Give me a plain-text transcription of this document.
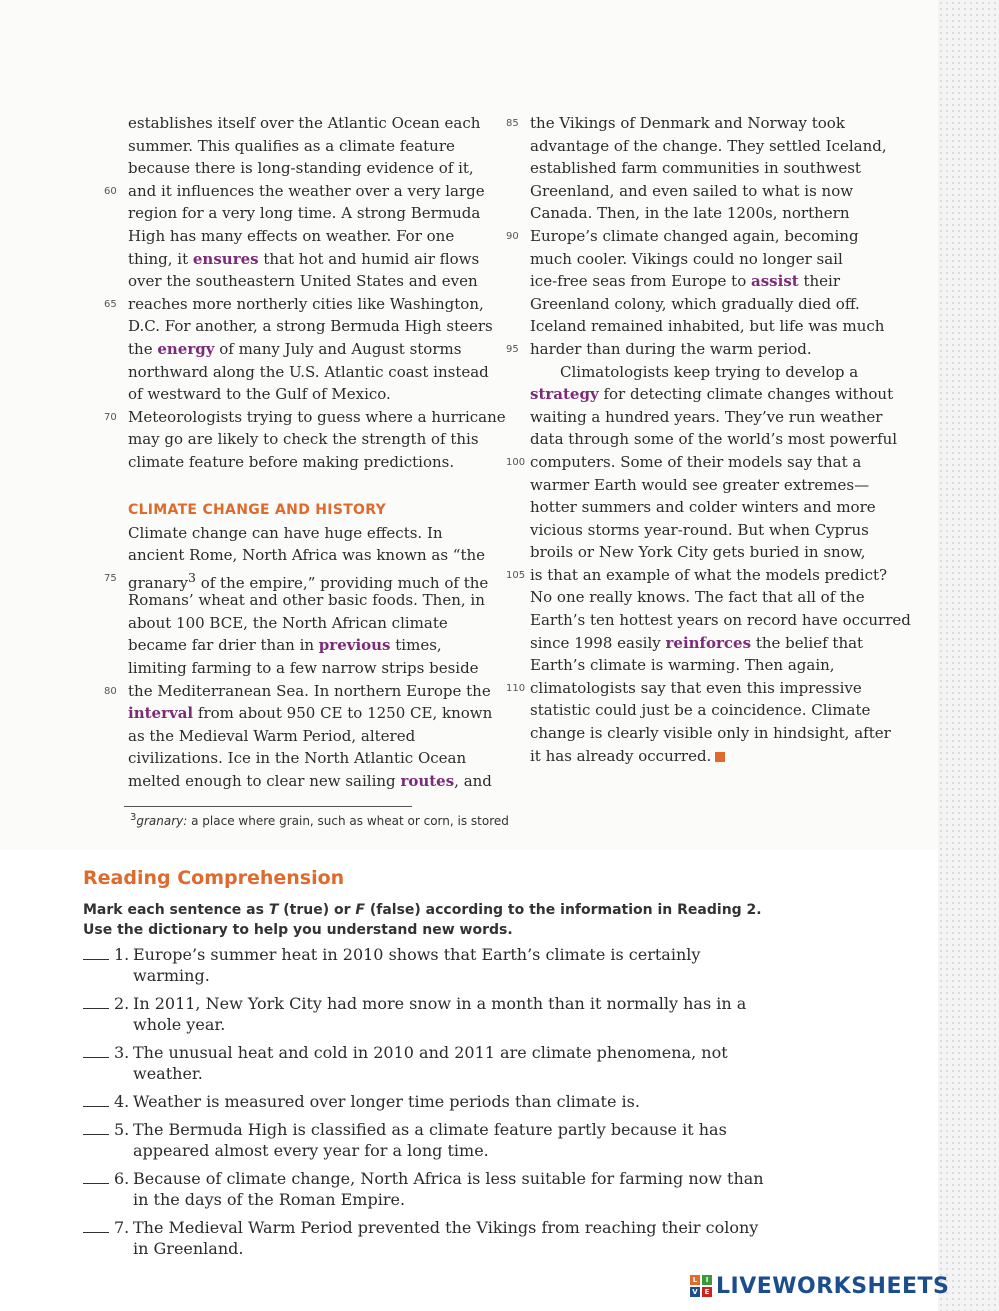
establishes itself over the Atlantic Ocean each
summer. This qualifies as a climate feature
because there is long-standing evidence of it,
60 and it influences the weather over a very large
region for a very long time. A strong Bermuda
High has many effects on weather. For one
thing, it ensures that hot and humid air flows
over the southeastern United States and even
65 reaches more northerly cities like Washington,
D.C. For another, a strong Bermuda High steers
the energy of many July and August storms
northward along the U.S. Atlantic coast instead
of westward to the Gulf of Mexico.
70 Meteorologists trying to guess where a hurricane
may go are likely to check the strength of this
climate feature before making predictions.
CLIMATE CHANGE AND HISTORY
Climate change can have huge effects. In
ancient Rome, North Africa was known as “the
75 granary$^3$ of the empire,” providing much of the
Romans’ wheat and other basic foods. Then, in
about 100 BCE, the North African climate
became far drier than in previous times,
limiting farming to a few narrow strips beside
80 the Mediterranean Sea. In northern Europe the
interval from about 950 CE to 1250 CE, known
as the Medieval Warm Period, altered
civilizations. Ice in the North Atlantic Ocean
melted enough to clear new sailing routes, and
85 the Vikings of Denmark and Norway took
advantage of the change. They settled Iceland,
established farm communities in southwest
Greenland, and even sailed to what is now
Canada. Then, in the late 1200s, northern
90 Europe’s climate changed again, becoming
much cooler. Vikings could no longer sail
ice-free seas from Europe to assist their
Greenland colony, which gradually died off.
Iceland remained inhabited, but life was much
95 harder than during the warm period.
Climatologists keep trying to develop a
strategy for detecting climate changes without
waiting a hundred years. They’ve run weather
data through some of the world’s most powerful
100 computers. Some of their models say that a
warmer Earth would see greater extremes—
hotter summers and colder winters and more
vicious storms year-round. But when Cyprus
broils or New York City gets buried in snow,
105 is that an example of what the models predict?
No one really knows. The fact that all of the
Earth’s ten hottest years on record have occurred
since 1998 easily reinforces the belief that
Earth’s climate is warming. Then again,
110 climatologists say that even this impressive
statistic could just be a coincidence. Climate
change is clearly visible only in hindsight, after
it has already occurred.
$^3$granary: a place where grain, such as wheat or corn, is stored
Reading Comprehension
Mark each sentence as T (true) or F (false) according to the information in Reading 2.
Use the dictionary to help you understand new words.
1. Europe’s summer heat in 2010 shows that Earth’s climate is certainly warming.
2. In 2011, New York City had more snow in a month than it normally has in a whole year.
3. The unusual heat and cold in 2010 and 2011 are climate phenomena, not weather.
4. Weather is measured over longer time periods than climate is.
5. The Bermuda High is classified as a climate feature partly because it has appeared almost every year for a long time.
6. Because of climate change, North Africa is less suitable for farming now than in the days of the Roman Empire.
7. The Medieval Warm Period prevented the Vikings from reaching their colony in Greenland.
L	I
V E LIVEWORKSHEETS
